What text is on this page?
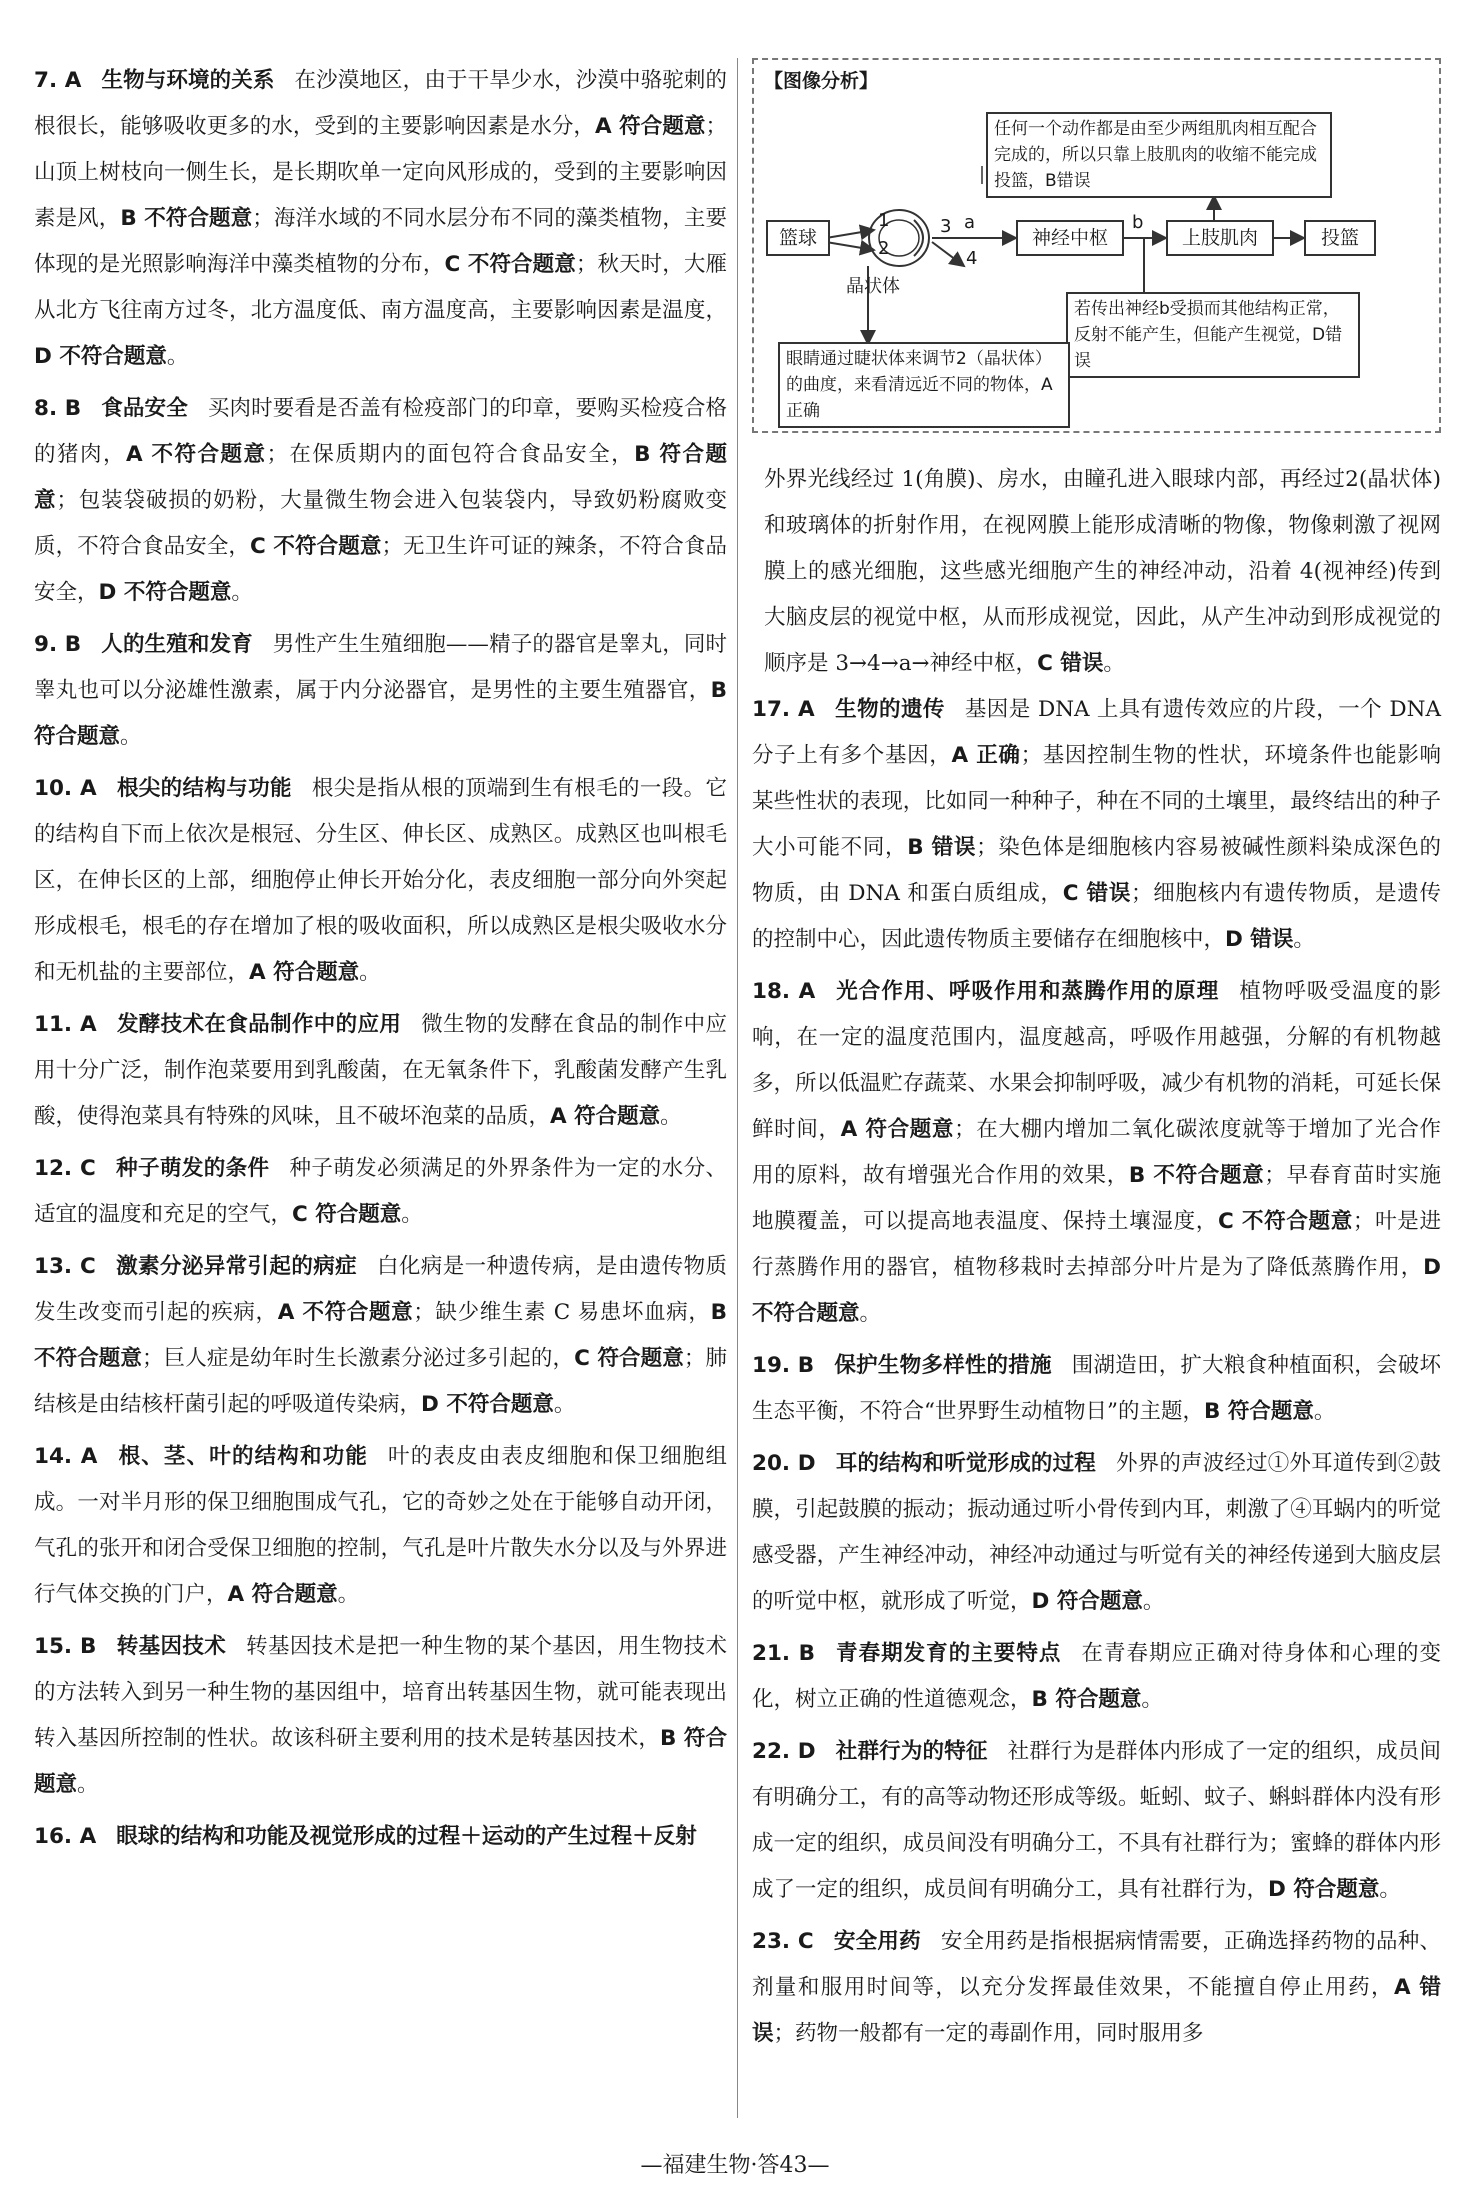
7. A 生物与环境的关系 在沙漠地区，由于干旱少水，沙漠中骆驼刺的根很长，能够吸收更多的水，受到的主要影响因素是水分，A 符合题意；山顶上树枝向一侧生长，是长期吹单一定向风形成的，受到的主要影响因素是风，B 不符合题意；海洋水域的不同水层分布不同的藻类植物，主要体现的是光照影响海洋中藻类植物的分布，C 不符合题意；秋天时，大雁从北方飞往南方过冬，北方温度低、南方温度高，主要影响因素是温度，D 不符合题意。
8. B 食品安全 买肉时要看是否盖有检疫部门的印章，要购买检疫合格的猪肉，A 不符合题意；在保质期内的面包符合食品安全，B 符合题意；包装袋破损的奶粉，大量微生物会进入包装袋内，导致奶粉腐败变质，不符合食品安全，C 不符合题意；无卫生许可证的辣条，不符合食品安全，D 不符合题意。
9. B 人的生殖和发育 男性产生生殖细胞——精子的器官是睾丸，同时睾丸也可以分泌雄性激素，属于内分泌器官，是男性的主要生殖器官，B 符合题意。
10. A 根尖的结构与功能 根尖是指从根的顶端到生有根毛的一段。它的结构自下而上依次是根冠、分生区、伸长区、成熟区。成熟区也叫根毛区，在伸长区的上部，细胞停止伸长开始分化，表皮细胞一部分向外突起形成根毛，根毛的存在增加了根的吸收面积，所以成熟区是根尖吸收水分和无机盐的主要部位，A 符合题意。
11. A 发酵技术在食品制作中的应用 微生物的发酵在食品的制作中应用十分广泛，制作泡菜要用到乳酸菌，在无氧条件下，乳酸菌发酵产生乳酸，使得泡菜具有特殊的风味，且不破坏泡菜的品质，A 符合题意。
12. C 种子萌发的条件 种子萌发必须满足的外界条件为一定的水分、适宜的温度和充足的空气，C 符合题意。
13. C 激素分泌异常引起的病症 白化病是一种遗传病，是由遗传物质发生改变而引起的疾病，A 不符合题意；缺少维生素 C 易患坏血病，B 不符合题意；巨人症是幼年时生长激素分泌过多引起的，C 符合题意；肺结核是由结核杆菌引起的呼吸道传染病，D 不符合题意。
14. A 根、茎、叶的结构和功能 叶的表皮由表皮细胞和保卫细胞组成。一对半月形的保卫细胞围成气孔，它的奇妙之处在于能够自动开闭，气孔的张开和闭合受保卫细胞的控制，气孔是叶片散失水分以及与外界进行气体交换的门户，A 符合题意。
15. B 转基因技术 转基因技术是把一种生物的某个基因，用生物技术的方法转入到另一种生物的基因组中，培育出转基因生物，就可能表现出转入基因所控制的性状。故该科研主要利用的技术是转基因技术，B 符合题意。
16. A 眼球的结构和功能及视觉形成的过程＋运动的产生过程＋反射
【图像分析】
任何一个动作都是由至少两组肌肉相互配合完成的，所以只靠上肢肌肉的收缩不能完成投篮，B错误
篮球
1
2
3 a
4
b
神经中枢	上肢肌肉	投篮
晶状体
若传出神经b受损而其他结构正常，反射不能产生，但能产生视觉，D错误
眼睛通过睫状体来调节2（晶状体）的曲度，来看清远近不同的物体，A正确
外界光线经过 1(角膜)、房水，由瞳孔进入眼球内部，再经过2(晶状体)和玻璃体的折射作用，在视网膜上能形成清晰的物像，物像刺激了视网膜上的感光细胞，这些感光细胞产生的神经冲动，沿着 4(视神经)传到大脑皮层的视觉中枢，从而形成视觉，因此，从产生冲动到形成视觉的顺序是 3→4→a→神经中枢，C 错误。
17. A 生物的遗传 基因是 DNA 上具有遗传效应的片段，一个 DNA 分子上有多个基因，A 正确；基因控制生物的性状，环境条件也能影响某些性状的表现，比如同一种种子，种在不同的土壤里，最终结出的种子大小可能不同，B 错误；染色体是细胞核内容易被碱性颜料染成深色的物质，由 DNA 和蛋白质组成，C 错误；细胞核内有遗传物质，是遗传的控制中心，因此遗传物质主要储存在细胞核中，D 错误。
18. A 光合作用、呼吸作用和蒸腾作用的原理 植物呼吸受温度的影响，在一定的温度范围内，温度越高，呼吸作用越强，分解的有机物越多，所以低温贮存蔬菜、水果会抑制呼吸，减少有机物的消耗，可延长保鲜时间，A 符合题意；在大棚内增加二氧化碳浓度就等于增加了光合作用的原料，故有增强光合作用的效果，B 不符合题意；早春育苗时实施地膜覆盖，可以提高地表温度、保持土壤湿度，C 不符合题意；叶是进行蒸腾作用的器官，植物移栽时去掉部分叶片是为了降低蒸腾作用，D 不符合题意。
19. B 保护生物多样性的措施 围湖造田，扩大粮食种植面积，会破坏生态平衡，不符合“世界野生动植物日”的主题，B 符合题意。
20. D 耳的结构和听觉形成的过程 外界的声波经过①外耳道传到②鼓膜，引起鼓膜的振动；振动通过听小骨传到内耳，刺激了④耳蜗内的听觉感受器，产生神经冲动，神经冲动通过与听觉有关的神经传递到大脑皮层的听觉中枢，就形成了听觉，D 符合题意。
21. B 青春期发育的主要特点 在青春期应正确对待身体和心理的变化，树立正确的性道德观念，B 符合题意。
22. D 社群行为的特征 社群行为是群体内形成了一定的组织，成员间有明确分工，有的高等动物还形成等级。蚯蚓、蚊子、蝌蚪群体内没有形成一定的组织，成员间没有明确分工，不具有社群行为；蜜蜂的群体内形成了一定的组织，成员间有明确分工，具有社群行为，D 符合题意。
23. C 安全用药 安全用药是指根据病情需要，正确选择药物的品种、剂量和服用时间等，以充分发挥最佳效果，不能擅自停止用药，A 错误；药物一般都有一定的毒副作用，同时服用多
—福建生物·答43—
